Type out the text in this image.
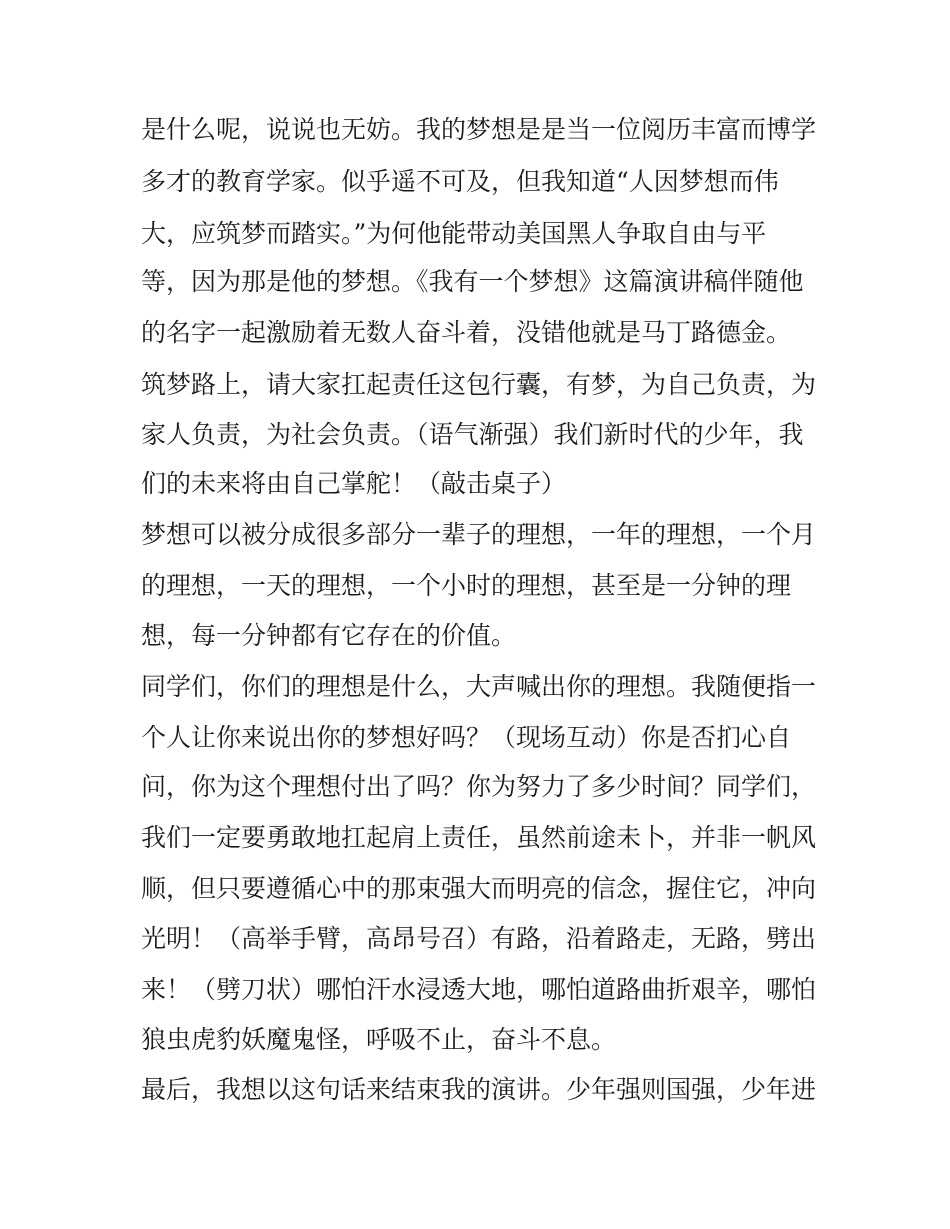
是什么呢，说说也无妨。我的梦想是是当一位阅历丰富而博学
多才的教育学家。似乎遥不可及，但我知道“人因梦想而伟
大，应筑梦而踏实。”为何他能带动美国黑人争取自由与平
等，因为那是他的梦想。《我有一个梦想》这篇演讲稿伴随他
的名字一起激励着无数人奋斗着，没错他就是马丁路德金。
筑梦路上，请大家扛起责任这包行囊，有梦，为自己负责，为
家人负责，为社会负责。（语气渐强）我们新时代的少年，我
们的未来将由自己掌舵！（敲击桌子）
梦想可以被分成很多部分一辈子的理想，一年的理想，一个月
的理想，一天的理想，一个小时的理想，甚至是一分钟的理
想，每一分钟都有它存在的价值。
同学们，你们的理想是什么，大声喊出你的理想。我随便指一
个人让你来说出你的梦想好吗？（现场互动）你是否扪心自
问，你为这个理想付出了吗？你为努力了多少时间？同学们，
我们一定要勇敢地扛起肩上责任，虽然前途未卜，并非一帆风
顺，但只要遵循心中的那束强大而明亮的信念，握住它，冲向
光明！（高举手臂，高昂号召）有路，沿着路走，无路，劈出
来！（劈刀状）哪怕汗水浸透大地，哪怕道路曲折艰辛，哪怕
狼虫虎豹妖魔鬼怪，呼吸不止，奋斗不息。
最后，我想以这句话来结束我的演讲。少年强则国强，少年进
